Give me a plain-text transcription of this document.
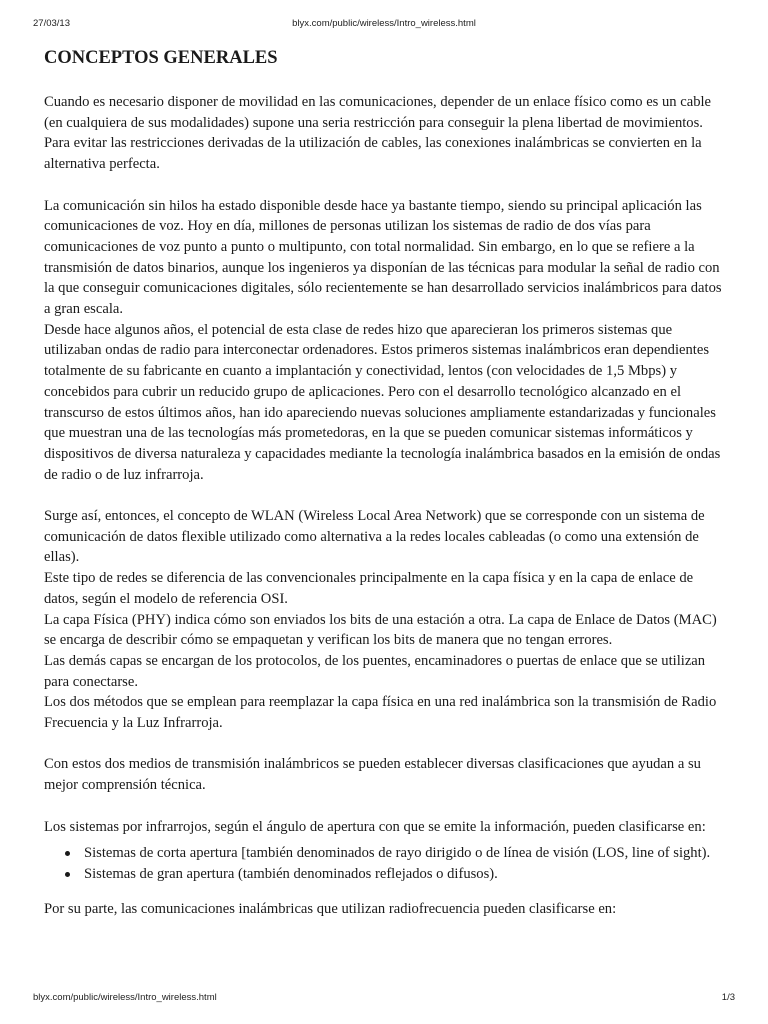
27/03/13	blyx.com/public/wireless/Intro_wireless.html
CONCEPTOS GENERALES

Cuando es necesario disponer de movilidad en las comunicaciones, depender de un enlace físico como es un cable (en cualquiera de sus modalidades) supone una seria restricción para conseguir la plena libertad de movimientos.

Para evitar las restricciones derivadas de la utilización de cables, las conexiones inalámbricas se convierten en la alternativa perfecta.

La comunicación sin hilos ha estado disponible desde hace ya bastante tiempo, siendo su principal aplicación las comunicaciones de voz. Hoy en día, millones de personas utilizan los sistemas de radio de dos vías para comunicaciones de voz punto a punto o multipunto, con total normalidad. Sin embargo, en lo que se refiere a la transmisión de datos binarios, aunque los ingenieros ya disponían de las técnicas para modular la señal de radio con la que conseguir comunicaciones digitales, sólo recientemente se han desarrollado servicios inalámbricos para datos a gran escala.

Desde hace algunos años, el potencial de esta clase de redes hizo que aparecieran los primeros sistemas que utilizaban ondas de radio para interconectar ordenadores. Estos primeros sistemas inalámbricos eran dependientes totalmente de su fabricante en cuanto a implantación y conectividad, lentos (con velocidades de 1,5 Mbps) y concebidos para cubrir un reducido grupo de aplicaciones. Pero con el desarrollo tecnológico alcanzado en el transcurso de estos últimos años, han ido apareciendo nuevas soluciones ampliamente estandarizadas y funcionales que muestran una de las tecnologías más prometedoras, en la que se pueden comunicar sistemas informáticos y dispositivos de diversa naturaleza y capacidades mediante la tecnología inalámbrica basados en la emisión de ondas de radio o de luz infrarroja.

Surge así, entonces, el concepto de WLAN (Wireless Local Area Network) que se corresponde con un sistema de comunicación de datos flexible utilizado como alternativa a la redes locales cableadas (o como una extensión de ellas).

Este tipo de redes se diferencia de las convencionales principalmente en la capa física y en la capa de enlace de datos, según el modelo de referencia OSI.

La capa Física (PHY) indica cómo son enviados los bits de una estación a otra. La capa de Enlace de Datos (MAC) se encarga de describir cómo se empaquetan y verifican los bits de manera que no tengan errores.

Las demás capas se encargan de los protocolos, de los puentes, encaminadores o puertas de enlace que se utilizan para conectarse.

Los dos métodos que se emplean para reemplazar la capa física en una red inalámbrica son la transmisión de Radio Frecuencia y la Luz Infrarroja.

Con estos dos medios de transmisión inalámbricos se pueden establecer diversas clasificaciones que ayudan a su mejor comprensión técnica.

Los sistemas por infrarrojos, según el ángulo de apertura con que se emite la información, pueden clasificarse en:

Sistemas de corta apertura [también denominados de rayo dirigido o de línea de visión (LOS, line of sight).
Sistemas de gran apertura (también denominados reflejados o difusos).

Por su parte, las comunicaciones inalámbricas que utilizan radiofrecuencia pueden clasificarse en:

blyx.com/public/wireless/Intro_wireless.html	1/3
